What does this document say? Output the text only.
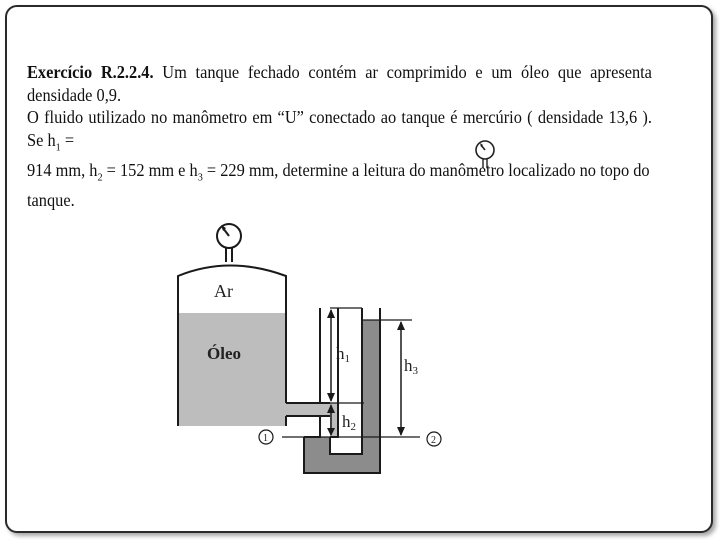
Exercício R.2.2.4. Um tanque fechado contém ar comprimido e um óleo que apresenta densidade 0,9.
O fluido utilizado no manômetro em “U” conectado ao tanque é mercúrio ( densidade 13,6 ). Se $h_1$ =
914 mm, $h_2 = 152$ mm e $h_3 = 229$ mm, determine a leitura do manômetro localizado no topo do
tanque.

Ar
Óleo	h1
h2
h3
1	2
